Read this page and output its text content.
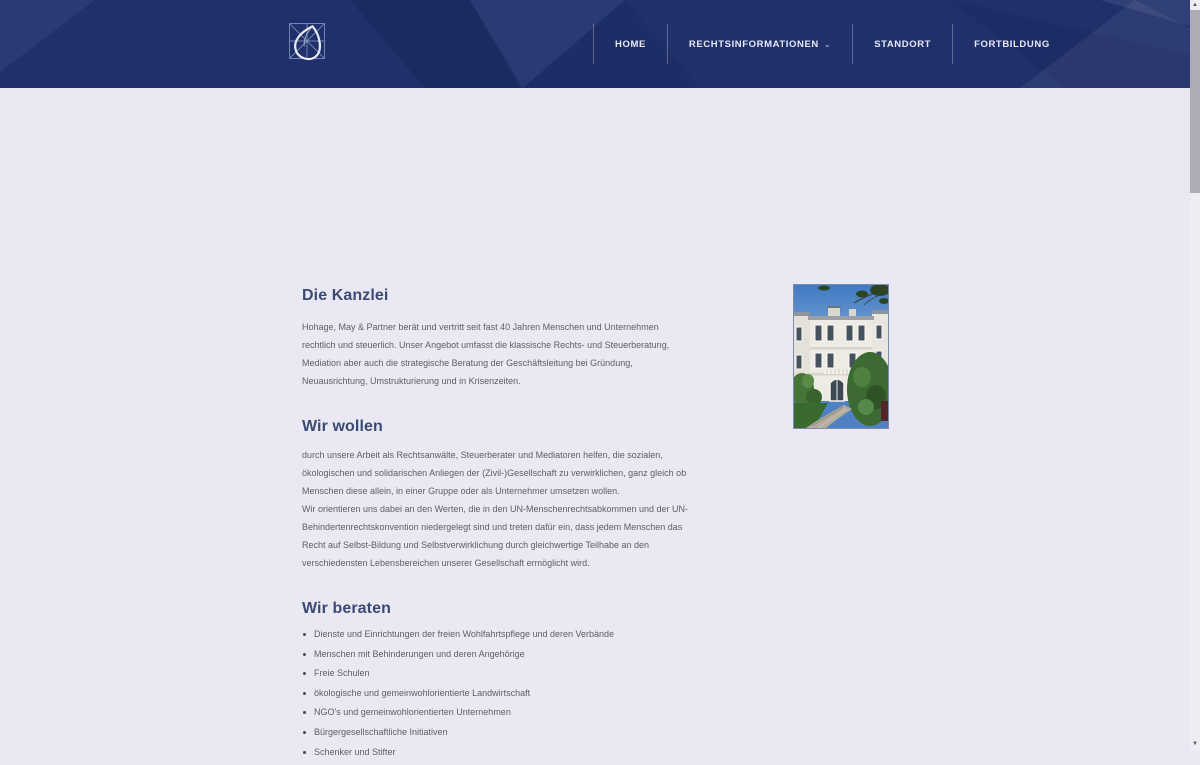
HOME	RECHTSINFORMATIONEN ⌄	STANDORT	FORTBILDUNG
Die Kanzlei

Hohage, May & Partner berät und vertritt seit fast 40 Jahren Menschen und Unternehmen rechtlich und steuerlich. Unser Angebot umfasst die klassische Rechts- und Steuerberatung, Mediation aber auch die strategische Beratung der Geschäftsleitung bei Gründung, Neuausrichtung, Umstrukturierung und in Krisenzeiten.

Wir wollen

durch unsere Arbeit als Rechtsanwälte, Steuerberater und Mediatoren helfen, die sozialen, ökologischen und solidarischen Anliegen der (Zivil-)Gesellschaft zu verwirklichen, ganz gleich ob Menschen diese allein, in einer Gruppe oder als Unternehmer umsetzen wollen.

Wir orientieren uns dabei an den Werten, die in den UN-Menschenrechtsabkommen und der UN-Behindertenrechtskonvention niedergelegt sind und treten dafür ein, dass jedem Menschen das Recht auf Selbst-Bildung und Selbstverwirklichung durch gleichwertige Teilhabe an den verschiedensten Lebensbereichen unserer Gesellschaft ermöglicht wird.

Wir beraten
Dienste und Einrichtungen der freien Wohlfahrtspflege und deren Verbände
Menschen mit Behinderungen und deren Angehörige
Freie Schulen
ökologische und gemeinwohlorientierte Landwirtschaft
NGO's und gemeinwohlorientierten Unternehmen
Bürgergesellschaftliche Initiativen
Schenker und Stifter
▲
▼
